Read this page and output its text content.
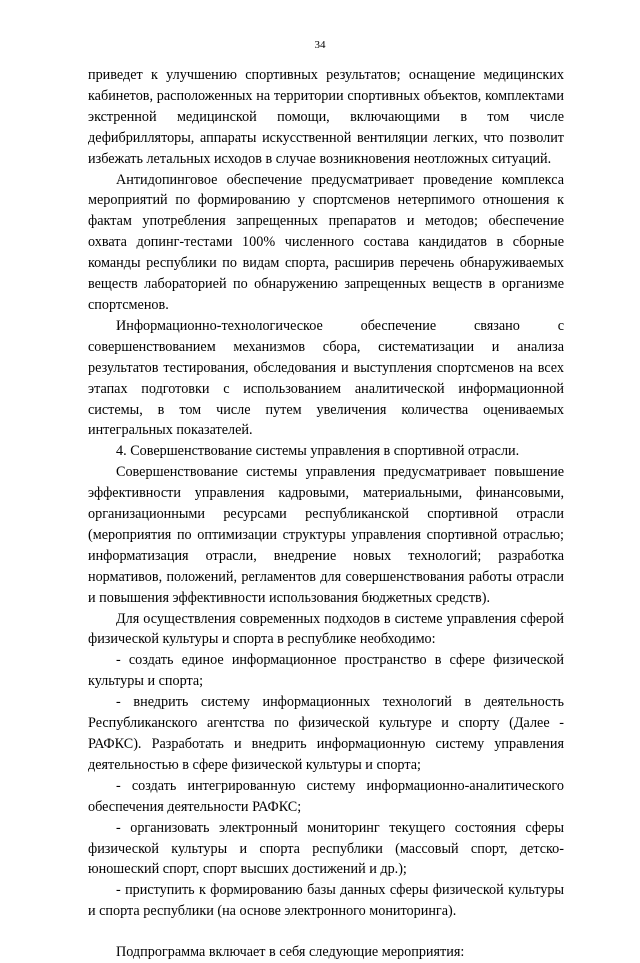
34

приведет к улучшению спортивных результатов; оснащение медицинских кабинетов, расположенных на территории спортивных объектов, комплектами экстренной медицинской помощи, включающими в том числе дефибрилляторы, аппараты искусственной вентиляции легких, что позволит избежать летальных исходов в случае возникновения неотложных ситуаций.

Антидопинговое обеспечение предусматривает проведение комплекса мероприятий по формированию у спортсменов нетерпимого отношения к фактам употребления запрещенных препаратов и методов; обеспечение охвата допинг-тестами 100% численного состава кандидатов в сборные команды республики по видам спорта, расширив перечень обнаруживаемых веществ лабораторией по обнаружению запрещенных веществ в организме спортсменов.

Информационно-технологическое обеспечение связано с совершенствованием механизмов сбора, систематизации и анализа результатов тестирования, обследования и выступления спортсменов на всех этапах подготовки с использованием аналитической информационной системы, в том числе путем увеличения количества оцениваемых интегральных показателей.

4. Совершенствование системы управления в спортивной отрасли.

Совершенствование системы управления предусматривает повышение эффективности управления кадровыми, материальными, финансовыми, организационными ресурсами республиканской спортивной отрасли (мероприятия по оптимизации структуры управления спортивной отраслью; информатизация отрасли, внедрение новых технологий; разработка нормативов, положений, регламентов для совершенствования работы отрасли и повышения эффективности использования бюджетных средств).

Для осуществления современных подходов в системе управления сферой физической культуры и спорта в республике необходимо:

- создать единое информационное пространство в сфере физической культуры и спорта;

- внедрить систему информационных технологий в деятельность Республиканского агентства по физической культуре и спорту (Далее - РАФКС). Разработать и внедрить информационную систему управления деятельностью в сфере физической культуры и спорта;

- создать интегрированную систему информационно-аналитического обеспечения деятельности РАФКС;

- организовать электронный мониторинг текущего состояния сферы физической культуры и спорта республики (массовый спорт, детско-юношеский спорт, спорт высших достижений и др.);

- приступить к формированию базы данных сферы физической культуры и спорта республики (на основе электронного мониторинга).

Подпрограмма включает в себя следующие мероприятия:
